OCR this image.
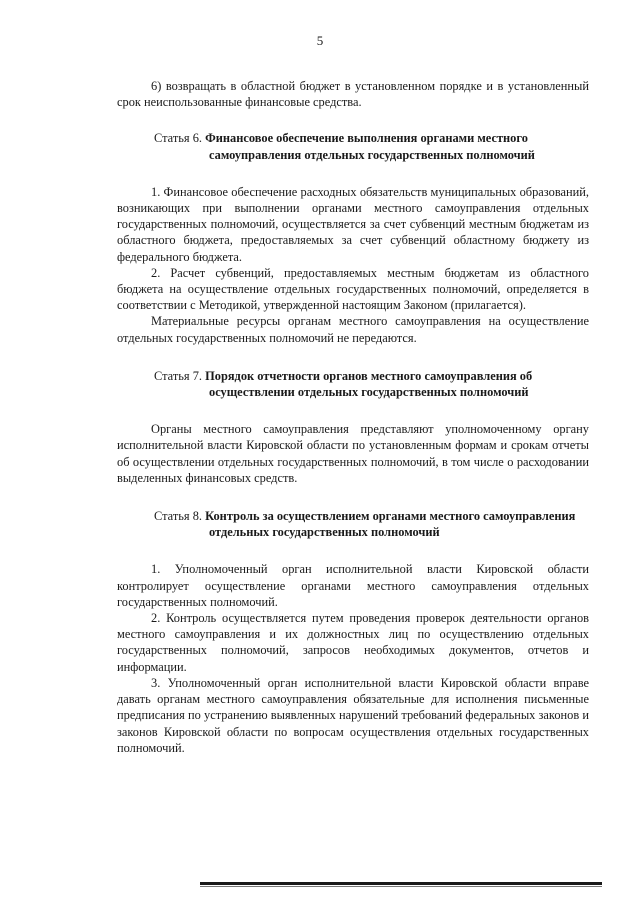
5

6) возвращать в областной бюджет в установленном порядке и в установленный срок неиспользованные финансовые средства.

Статья 6. Финансовое обеспечение выполнения органами местного самоуправления отдельных государственных полномочий

1. Финансовое обеспечение расходных обязательств муниципальных образований, возникающих при выполнении органами местного самоуправления отдельных государственных полномочий, осуществляется за счет субвенций местным бюджетам из областного бюджета, предоставляемых за счет субвенций областному бюджету из федерального бюджета.

2. Расчет субвенций, предоставляемых местным бюджетам из областного бюджета на осуществление отдельных государственных полномочий, определяется в соответствии с Методикой, утвержденной настоящим Законом (прилагается).

Материальные ресурсы органам местного самоуправления на осуществление отдельных государственных полномочий не передаются.

Статья 7. Порядок отчетности органов местного самоуправления об осуществлении отдельных государственных полномочий

Органы местного самоуправления представляют уполномоченному органу исполнительной власти Кировской области по установленным формам и срокам отчеты об осуществлении отдельных государственных полномочий, в том числе о расходовании выделенных финансовых средств.

Статья 8. Контроль за осуществлением органами местного самоуправления отдельных государственных полномочий

1. Уполномоченный орган исполнительной власти Кировской области контролирует осуществление органами местного самоуправления отдельных государственных полномочий.

2. Контроль осуществляется путем проведения проверок деятельности органов местного самоуправления и их должностных лиц по осуществлению отдельных государственных полномочий, запросов необходимых документов, отчетов и информации.

3. Уполномоченный орган исполнительной власти Кировской области вправе давать органам местного самоуправления обязательные для исполнения письменные предписания по устранению выявленных нарушений требований федеральных законов и законов Кировской области по вопросам осуществления отдельных государственных полномочий.
